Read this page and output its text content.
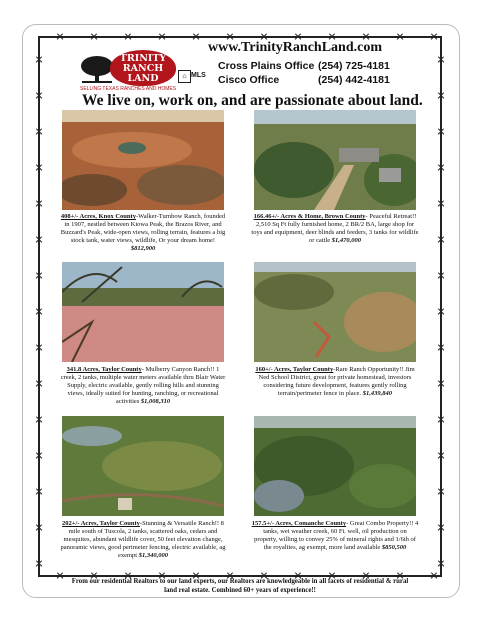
TRINITY
RANCH
LAND
SELLING TEXAS RANCHES AND HOMES
⌂ MLS
www.TrinityRanchLand.com
Cross Plains Office (254) 725-4181
Cisco Office	(254) 442-4181
We live on, work on, and are passionate about land.
408+/- Acres, Knox County-Walker-Turnbow Ranch, founded in 1907, nestled between Kiowa Peak, the Brazos River, and Buzzard's Peak, wide-open views, rolling terrain, features a big stock tank, water views, wildlife, Or your dream home! $812,900
166.46+/- Acres & Home, Brown County- Peaceful Retreat!! 2,510 Sq Ft fully furnished home, 2 BR/2 BA, large shop for toys and equipment, deer blinds and feeders, 3 tanks for wildlife or cattle $1,470,000
341.8 Acres, Taylor County- Mulberry Canyon Ranch!! 1 creek, 2 tanks, multiple water meters available thru Blair Water Supply, electric available, gently rolling hills and stunning views, ideally suited for hunting, ranching, or recreational activities $1,008,310
160+/- Acres, Taylor County-Rare Ranch Opportunity!! Jim Ned School District, great for private homestead, investors considering future development, features gently rolling terrain/perimeter fence in place. $1,439,840
202+/- Acres, Taylor County-Stunning & Versatile Ranch!! 8 mile south of Tuscola, 2 tanks, scattered oaks, cedars and mesquites, abundant wildlife cover, 50 feet elevation change, panoramic views, good perimeter fencing, electric available, ag exempt $1,340,000
157.5+/- Acres, Comanche County- Great Combo Property!! 4 tanks, wet weather creek, 60 Ft. well, oil production on property, willing to convey 25% of mineral rights and 1/6th of the royalties, ag exempt, more land available $850,500
From our residential Realtors to our land experts, our Realtors are knowledgeable in all facets of residential & rural land real estate. Combined 60+ years of experience!!
